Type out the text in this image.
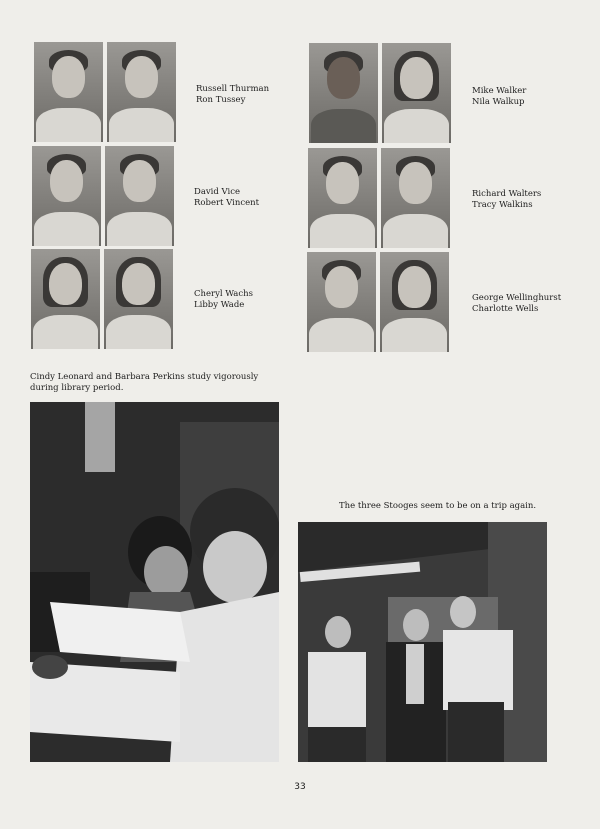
Russell Thurman
Ron Tussey
David Vice
Robert Vincent
Cheryl Wachs
Libby Wade
Mike Walker
Nila Walkup
Richard Walters
Tracy Walkins
George Wellinghurst
Charlotte Wells
Cindy Leonard and Barbara Perkins study vigorously during library period.
The three Stooges seem to be on a trip again.
33
